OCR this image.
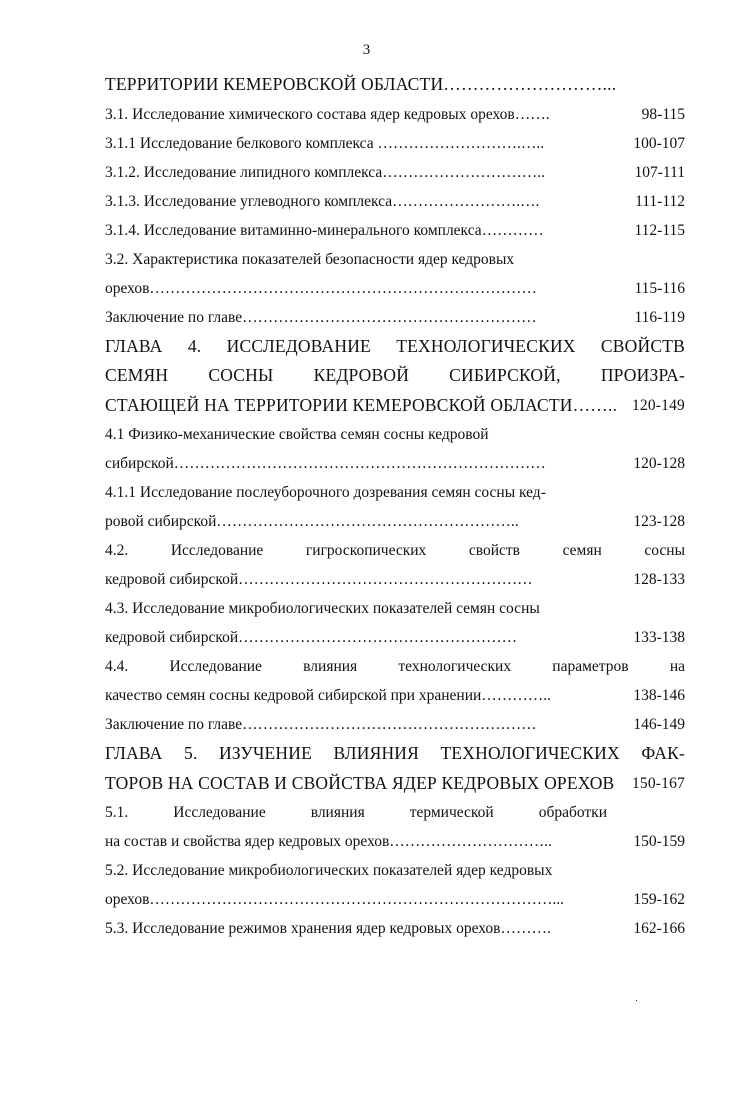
3
ТЕРРИТОРИИ КЕМЕРОВСКОЙ ОБЛАСТИ………………………...
3.1. Исследование химического состава ядер кедровых орехов…….	98-115
3.1.1 Исследование белкового комплекса ……………………….…..	100-107
3.1.2. Исследование липидного комплекса…………………………..	107-111
3.1.3. Исследование углеводного комплекса…………………….….	111-112
3.1.4. Исследование витаминно-минерального комплекса…………	112-115
3.2. Характеристика показателей безопасности ядер кедровых
орехов…………………………………………………………………	115-116
Заключение по главе…………………………………………………	116-119
ГЛАВА 4. ИССЛЕДОВАНИЕ ТЕХНОЛОГИЧЕСКИХ СВОЙСТВ
СЕМЯН СОСНЫ КЕДРОВОЙ СИБИРСКОЙ, ПРОИЗРА-
СТАЮЩЕЙ НА ТЕРРИТОРИИ КЕМЕРОВСКОЙ ОБЛАСТИ…….. 120-149
4.1 Физико-механические свойства семян сосны кедровой
сибирской………………………………………………………………	120-128
4.1.1 Исследование послеуборочного дозревания семян сосны кед-
ровой сибирской…………………………………………………..	123-128
4.2. Исследование гигроскопических свойств семян сосны
кедровой сибирской…………………………………………………	128-133
4.3. Исследование микробиологических показателей семян сосны
кедровой сибирской………………………………………………	133-138
4.4. Исследование влияния технологических параметров на
качество семян сосны кедровой сибирской при хранении…………..	138-146
Заключение по главе…………………………………………………	146-149
ГЛАВА 5. ИЗУЧЕНИЕ ВЛИЯНИЯ ТЕХНОЛОГИЧЕСКИХ ФАК-
ТОРОВ НА СОСТАВ И СВОЙСТВА ЯДЕР КЕДРОВЫХ ОРЕХОВ 150-167
5.1. Исследование влияния термической обработки
на состав и свойства ядер кедровых орехов…………………………..	150-159
5.2. Исследование микробиологических показателей ядер кедровых
орехов……………………………………………………………………...	159-162
5.3. Исследование режимов хранения ядер кедровых орехов……….	162-166
